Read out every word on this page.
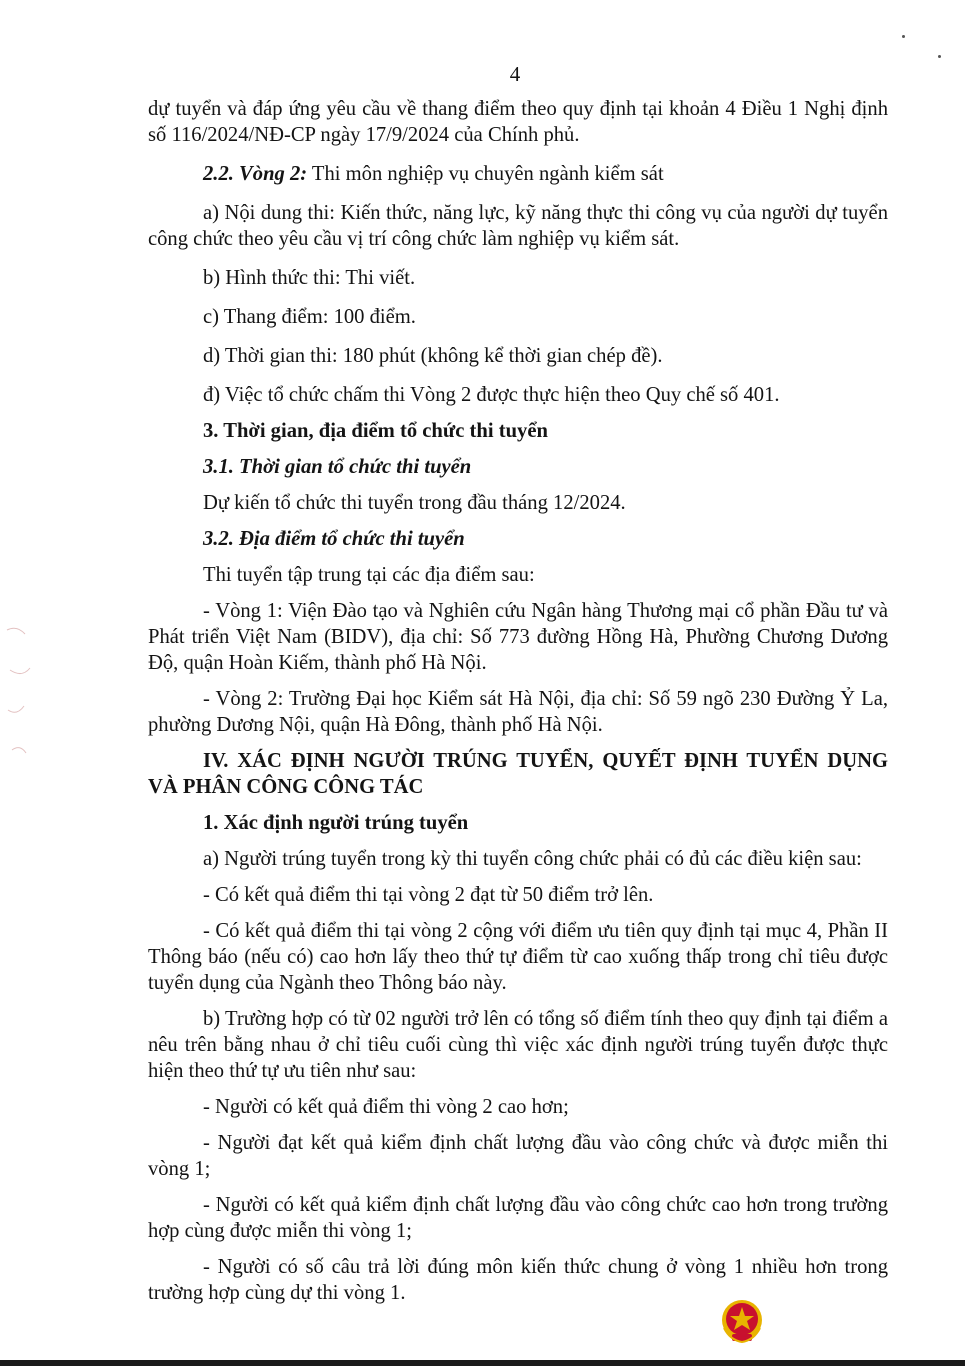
4

dự tuyển và đáp ứng yêu cầu về thang điểm theo quy định tại khoản 4 Điều 1 Nghị định số 116/2024/NĐ-CP ngày 17/9/2024 của Chính phủ.

2.2. Vòng 2: Thi môn nghiệp vụ chuyên ngành kiểm sát

a) Nội dung thi: Kiến thức, năng lực, kỹ năng thực thi công vụ của người dự tuyển công chức theo yêu cầu vị trí công chức làm nghiệp vụ kiểm sát.

b) Hình thức thi: Thi viết.

c) Thang điểm: 100 điểm.

d) Thời gian thi: 180 phút (không kể thời gian chép đề).

đ) Việc tổ chức chấm thi Vòng 2 được thực hiện theo Quy chế số 401.

3. Thời gian, địa điểm tổ chức thi tuyển

3.1. Thời gian tổ chức thi tuyển

Dự kiến tổ chức thi tuyển trong đầu tháng 12/2024.

3.2. Địa điểm tổ chức thi tuyển

Thi tuyển tập trung tại các địa điểm sau:

- Vòng 1: Viện Đào tạo và Nghiên cứu Ngân hàng Thương mại cổ phần Đầu tư và Phát triển Việt Nam (BIDV), địa chỉ: Số 773 đường Hồng Hà, Phường Chương Dương Độ, quận Hoàn Kiếm, thành phố Hà Nội.

- Vòng 2: Trường Đại học Kiểm sát Hà Nội, địa chỉ: Số 59 ngõ 230 Đường Ỷ La, phường Dương Nội, quận Hà Đông, thành phố Hà Nội.

IV. XÁC ĐỊNH NGƯỜI TRÚNG TUYỂN, QUYẾT ĐỊNH TUYỂN DỤNG VÀ PHÂN CÔNG CÔNG TÁC

1. Xác định người trúng tuyển

a) Người trúng tuyển trong kỳ thi tuyển công chức phải có đủ các điều kiện sau:

- Có kết quả điểm thi tại vòng 2 đạt từ 50 điểm trở lên.

- Có kết quả điểm thi tại vòng 2 cộng với điểm ưu tiên quy định tại mục 4, Phần II Thông báo (nếu có) cao hơn lấy theo thứ tự điểm từ cao xuống thấp trong chỉ tiêu được tuyển dụng của Ngành theo Thông báo này.

b) Trường hợp có từ 02 người trở lên có tổng số điểm tính theo quy định tại điểm a nêu trên bằng nhau ở chỉ tiêu cuối cùng thì việc xác định người trúng tuyển được thực hiện theo thứ tự ưu tiên như sau:

- Người có kết quả điểm thi vòng 2 cao hơn;

- Người đạt kết quả kiểm định chất lượng đầu vào công chức và được miễn thi vòng 1;

- Người có kết quả kiểm định chất lượng đầu vào công chức cao hơn trong trường hợp cùng được miễn thi vòng 1;

- Người có số câu trả lời đúng môn kiến thức chung ở vòng 1 nhiều hơn trong trường hợp cùng dự thi vòng 1.
